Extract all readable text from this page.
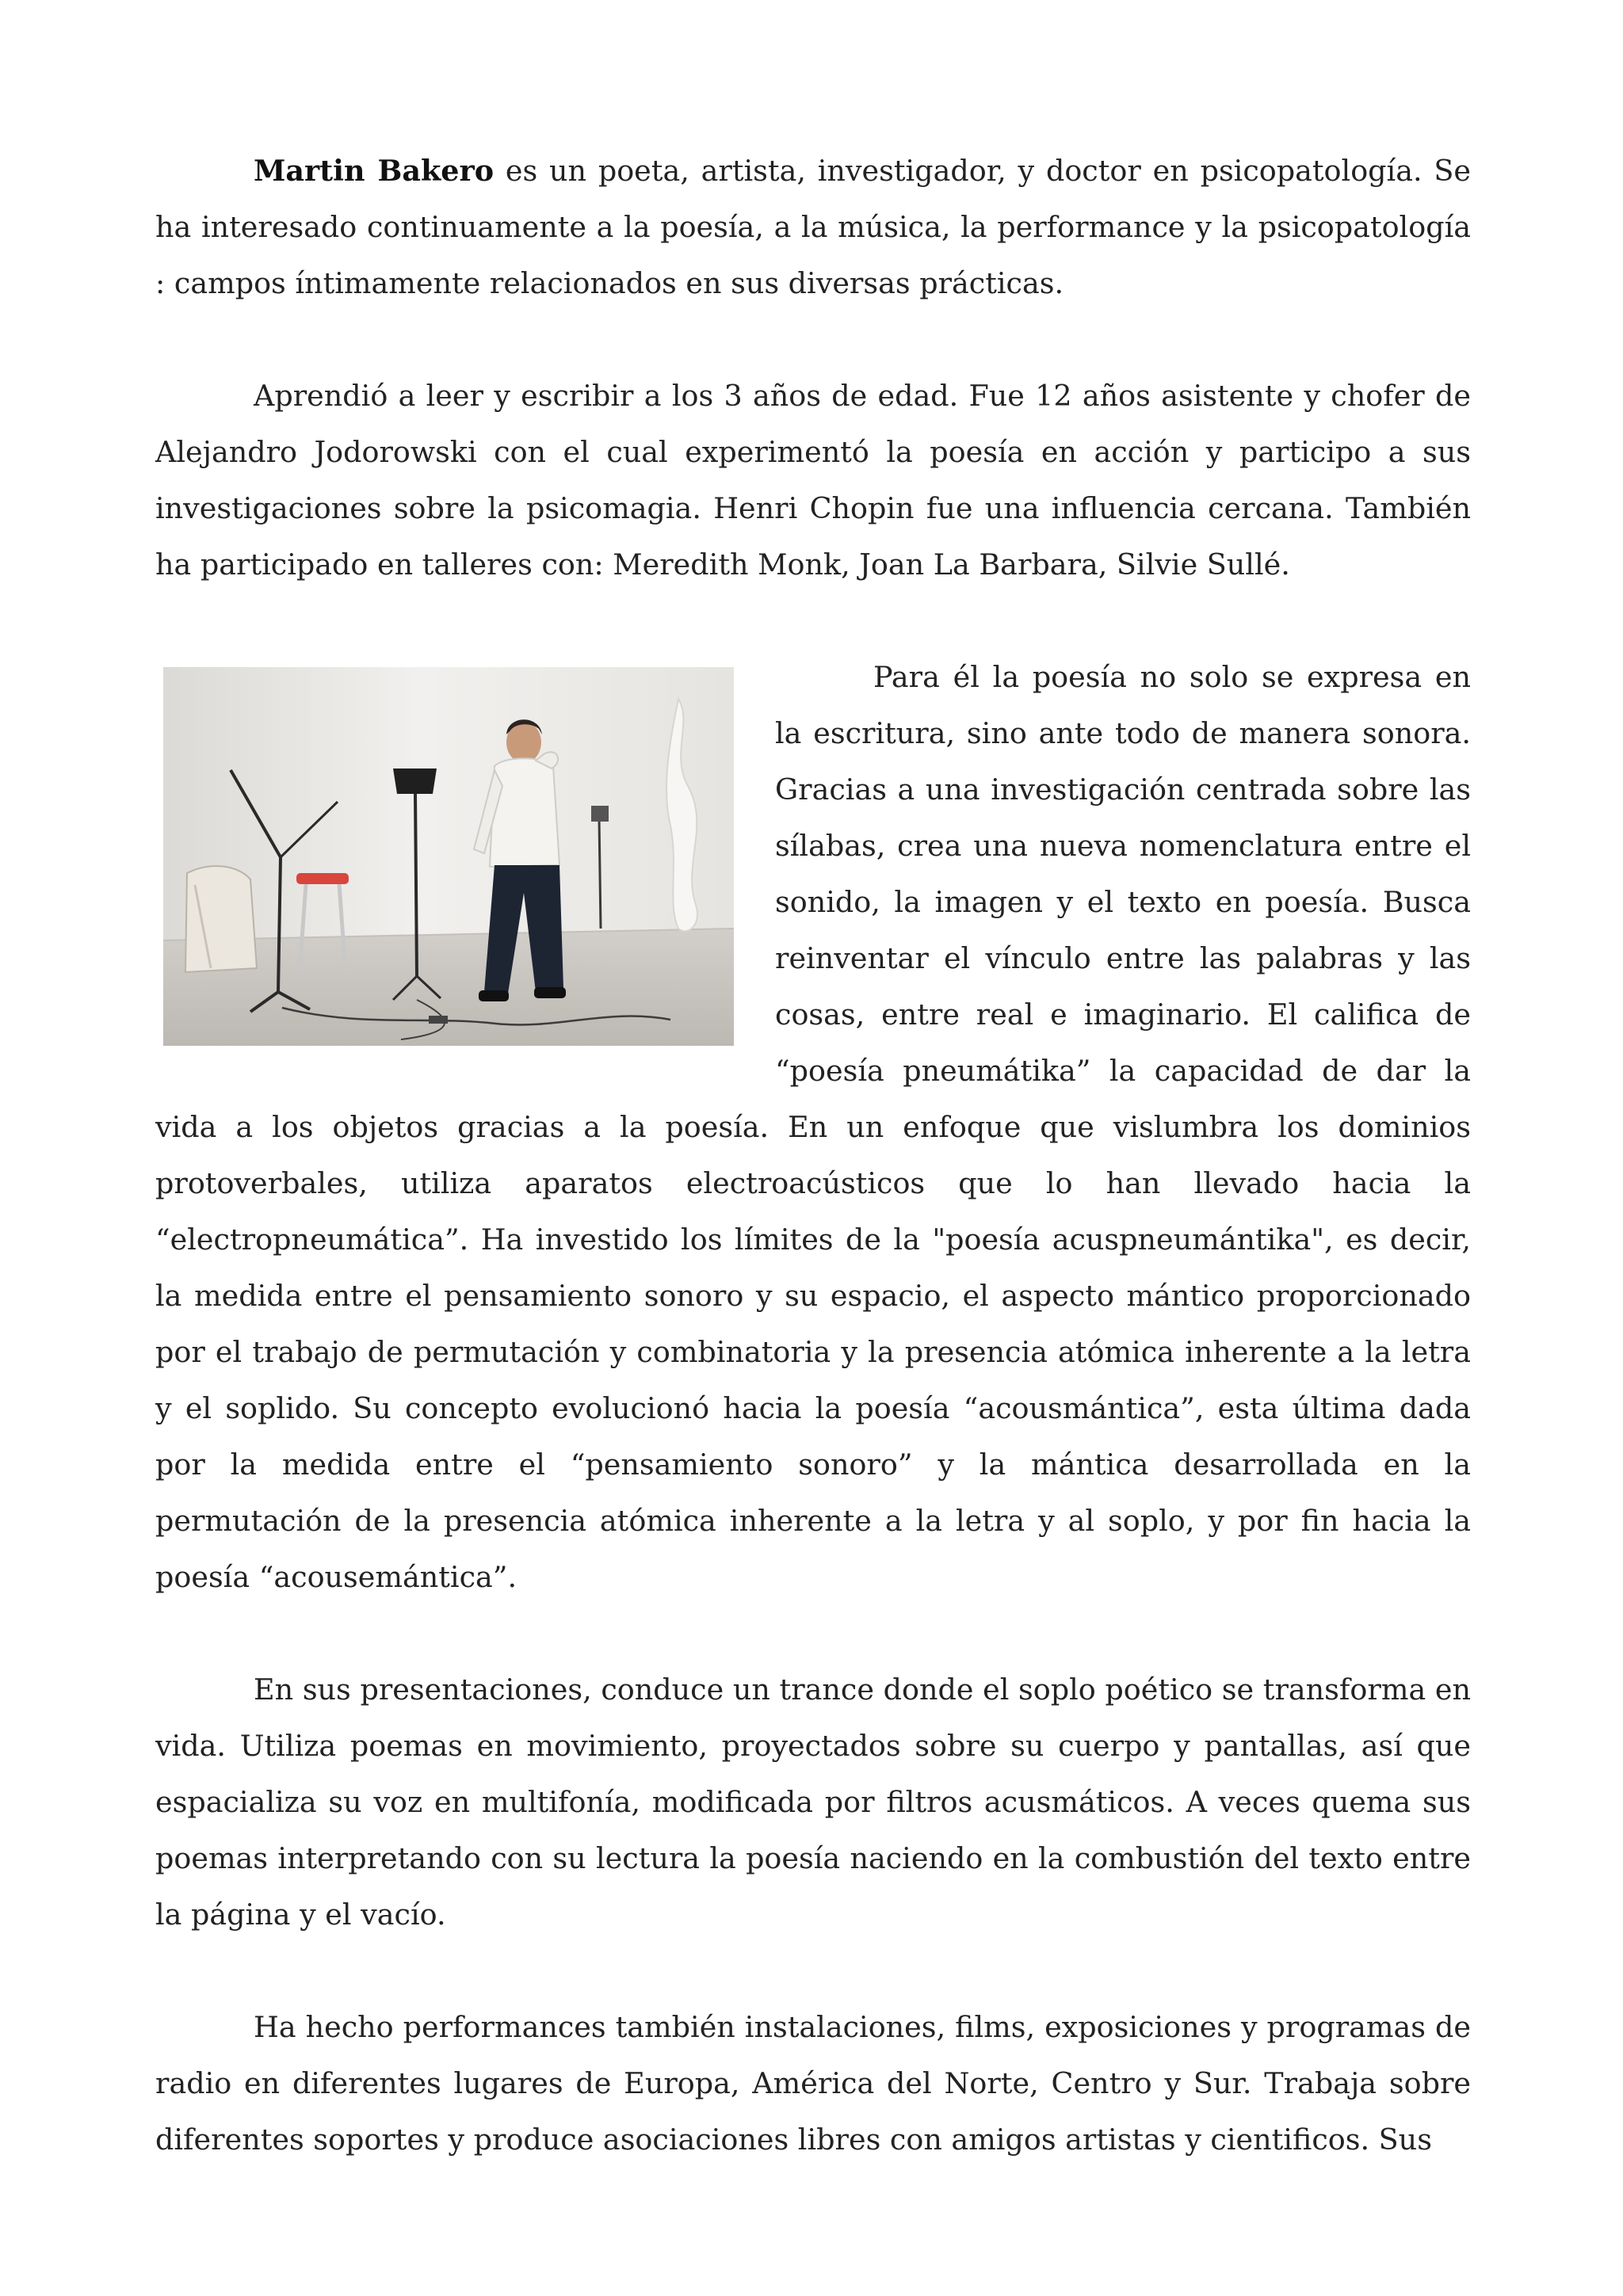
Martin Bakero es un poeta, artista, investigador, y doctor en psicopatología. Se ha interesado continuamente a la poesía, a la música, la performance y la psicopatología : campos íntimamente relacionados en sus diversas prácticas.

Aprendió a leer y escribir a los 3 años de edad. Fue 12 años asistente y chofer de Alejandro Jodorowski con el cual experimentó la poesía en acción y participo a sus investigaciones sobre la psicomagia. Henri Chopin fue una influencia cercana. También ha participado en talleres con: Meredith Monk, Joan La Barbara, Silvie Sullé.

Para él la poesía no solo se expresa en la escritura, sino ante todo de manera sonora. Gracias a una investigación centrada sobre las sílabas, crea una nueva nomenclatura entre el sonido, la imagen y el texto en poesía. Busca reinventar el vínculo entre las palabras y las cosas, entre real e imaginario. El califica de “poesía pneumátika” la capacidad de dar la vida a los objetos gracias a la poesía. En un enfoque que vislumbra los dominios protoverbales, utiliza aparatos electroacústicos que lo han llevado hacia la “electropneumática”. Ha investido los límites de la "poesía acuspneumántika", es decir, la medida entre el pensamiento sonoro y su espacio, el aspecto mántico proporcionado por el trabajo de permutación y combinatoria y la presencia atómica inherente a la letra y el soplido. Su concepto evolucionó hacia la poesía “acousmántica”, esta última dada por la medida entre el “pensamiento sonoro” y la mántica desarrollada en la permutación de la presencia atómica inherente a la letra y al soplo, y por fin hacia la poesía “acousemántica”.

En sus presentaciones, conduce un trance donde el soplo poético se transforma en vida. Utiliza poemas en movimiento, proyectados sobre su cuerpo y pantallas, así que espacializa su voz en multifonía, modificada por filtros acusmáticos. A veces quema sus poemas interpretando con su lectura la poesía naciendo en la combustión del texto entre la página y el vacío.

Ha hecho performances también instalaciones, films, exposiciones y programas de radio en diferentes lugares de Europa, América del Norte, Centro y Sur. Trabaja sobre diferentes soportes y produce asociaciones libres con amigos artistas y cientificos. Sus
